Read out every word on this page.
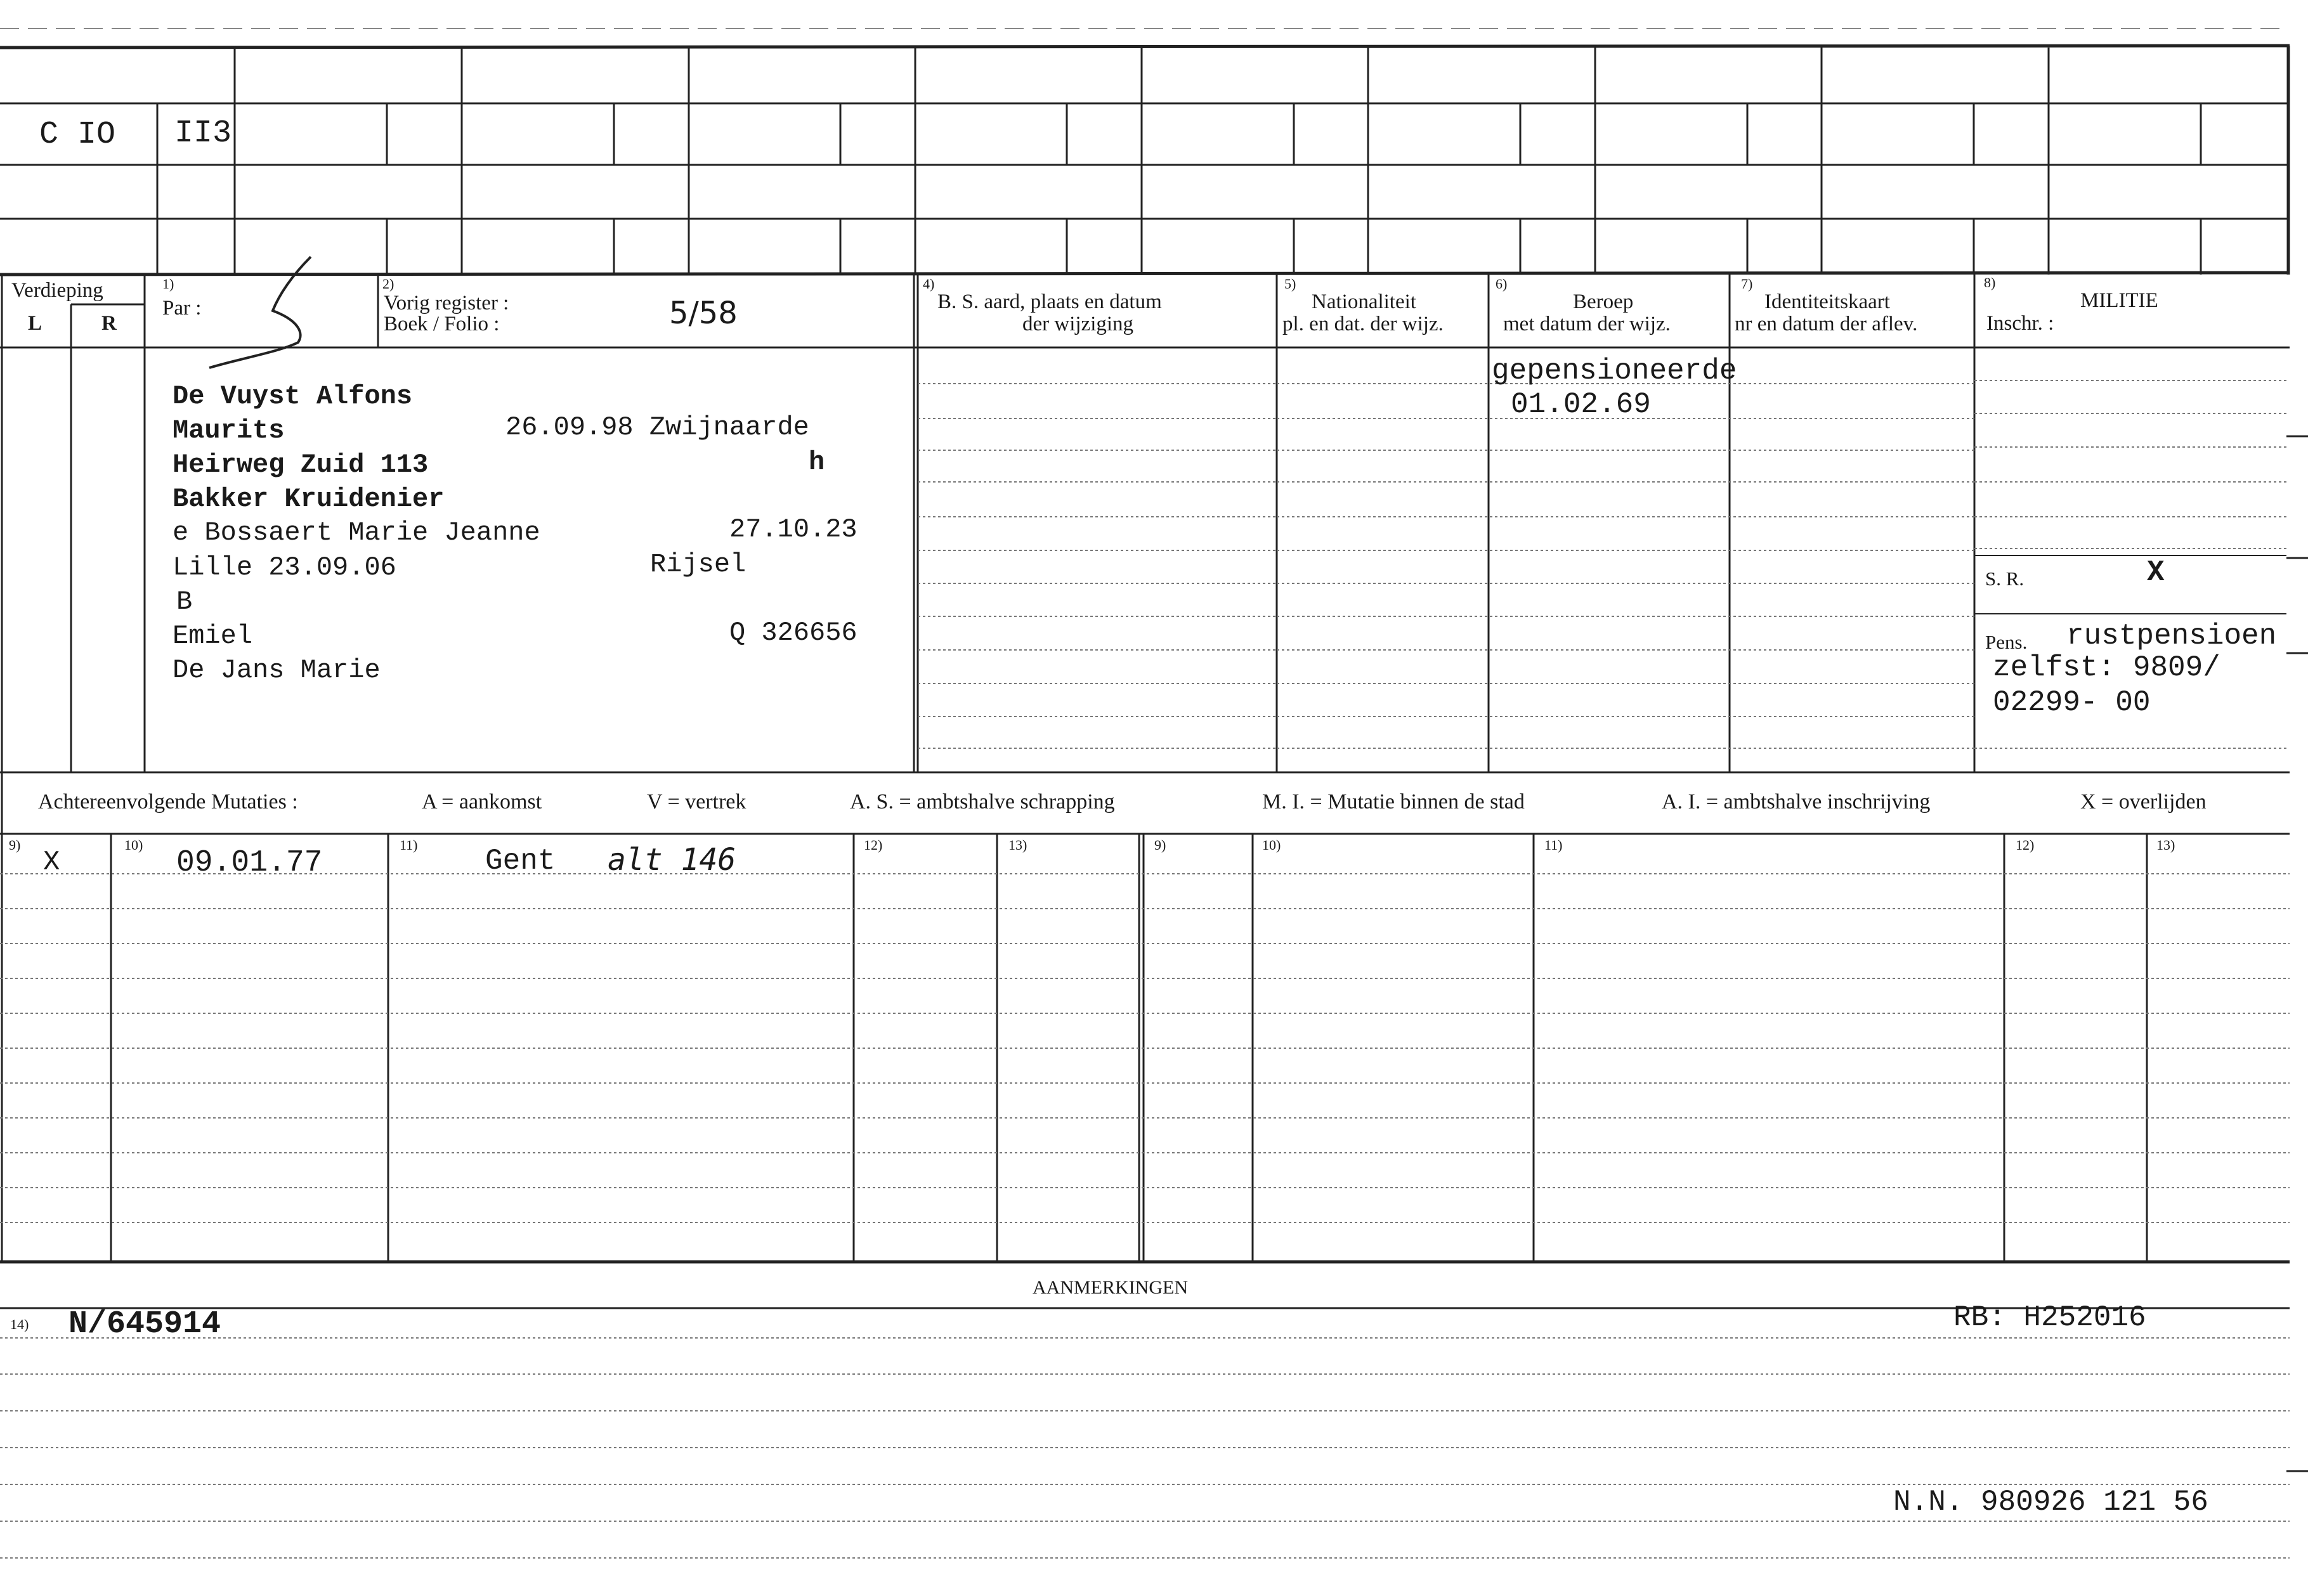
C IO II3
Verdieping
L	R
1)
Par :
2)
Vorig register :
Boek / Folio :	5/58
4)
B. S. aard, plaats en datum
der wijziging
5)
Nationaliteit
pl. en dat. der wijz.
6)
Beroep
met datum der wijz.
7)
Identiteitskaart
nr en datum der aflev.
8)
MILITIE
Inschr. :
De Vuyst Alfons
Maurits	26.09.98 Zwijnaarde
Heirweg Zuid 113	h
Bakker Kruidenier
e Bossaert Marie Jeanne	27.10.23
Lille 23.09.06	Rijsel
B
Emiel	Q 326656
De Jans Marie
gepensioneerde
01.02.69
S. R.	X
Pens. rustpensioen
zelfst: 9809/
02299- 00
Achtereenvolgende Mutaties :	A = aankomst	V = vertrek	A. S. = ambtshalve schrapping	M. I. = Mutatie binnen de stad	A. I. = ambtshalve inschrijving	X = overlijden
9)	10)	11)	12)	13)	9)	10)	11)	12)	13)
X	09.01.77	Gent alt 146
AANMERKINGEN
14) N/645914	RB: H252016
N.N. 980926 121 56
